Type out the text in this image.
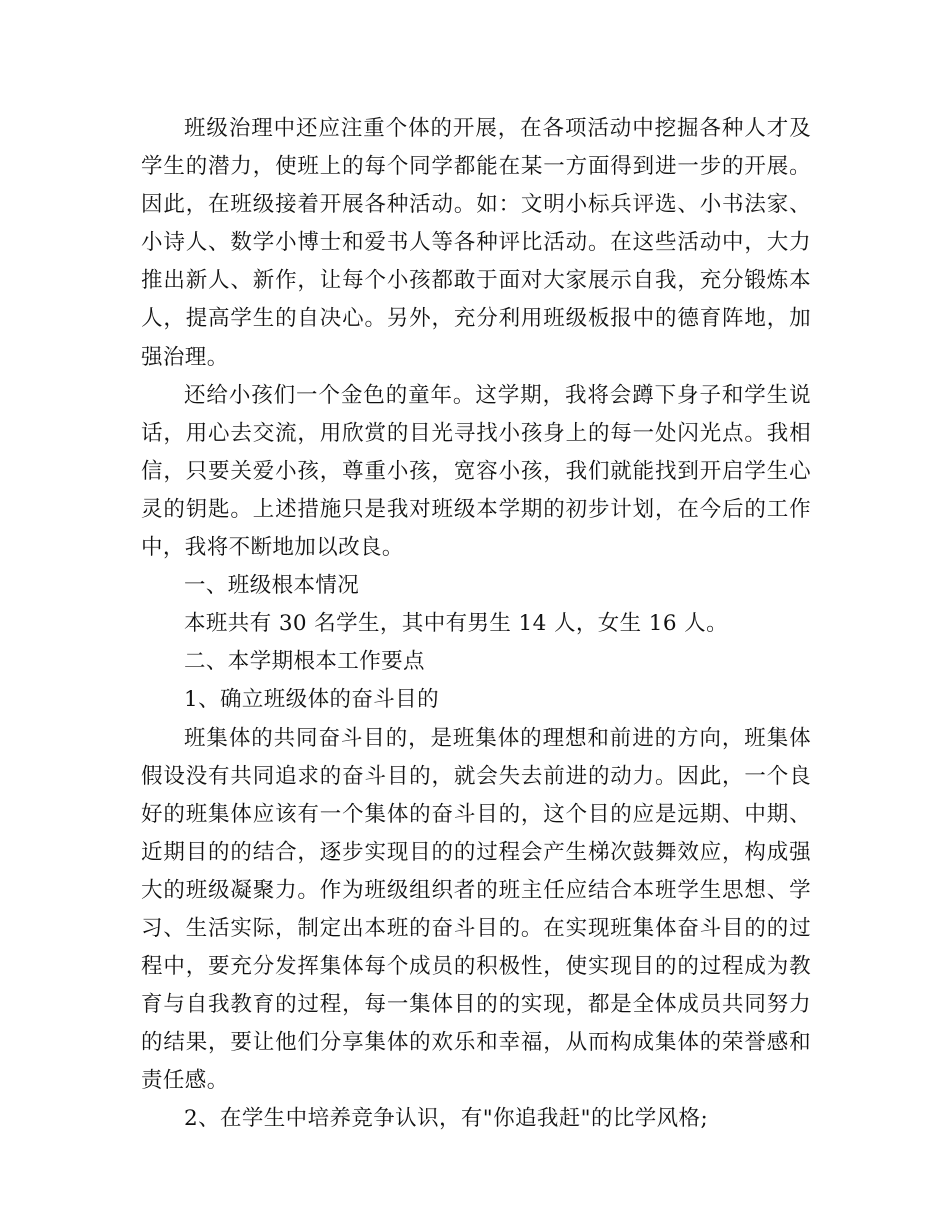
班级治理中还应注重个体的开展，在各项活动中挖掘各种人才及学生的潜力，使班上的每个同学都能在某一方面得到进一步的开展。因此，在班级接着开展各种活动。如：文明小标兵评选、小书法家、小诗人、数学小博士和爱书人等各种评比活动。在这些活动中，大力推出新人、新作，让每个小孩都敢于面对大家展示自我，充分锻炼本人，提高学生的自决心。另外，充分利用班级板报中的德育阵地，加强治理。

还给小孩们一个金色的童年。这学期，我将会蹲下身子和学生说话，用心去交流，用欣赏的目光寻找小孩身上的每一处闪光点。我相信，只要关爱小孩，尊重小孩，宽容小孩，我们就能找到开启学生心灵的钥匙。上述措施只是我对班级本学期的初步计划，在今后的工作中，我将不断地加以改良。

一、班级根本情况

本班共有 30 名学生，其中有男生 14 人，女生 16 人。

二、本学期根本工作要点

1、确立班级体的奋斗目的

班集体的共同奋斗目的，是班集体的理想和前进的方向，班集体假设没有共同追求的奋斗目的，就会失去前进的动力。因此，一个良好的班集体应该有一个集体的奋斗目的，这个目的应是远期、中期、近期目的的结合，逐步实现目的的过程会产生梯次鼓舞效应，构成强大的班级凝聚力。作为班级组织者的班主任应结合本班学生思想、学习、生活实际，制定出本班的奋斗目的。在实现班集体奋斗目的的过程中，要充分发挥集体每个成员的积极性，使实现目的的过程成为教育与自我教育的过程，每一集体目的的实现，都是全体成员共同努力的结果，要让他们分享集体的欢乐和幸福，从而构成集体的荣誉感和责任感。

2、在学生中培养竞争认识，有"你追我赶"的比学风格;
